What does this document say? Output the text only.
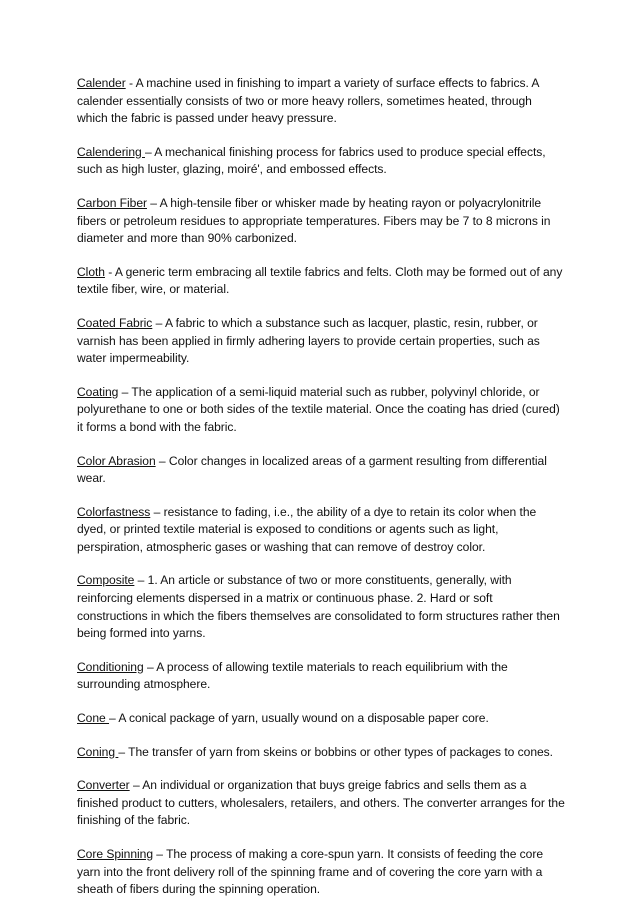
Calender - A machine used in finishing to impart a variety of surface effects to fabrics. A calender essentially consists of two or more heavy rollers, sometimes heated, through which the fabric is passed under heavy pressure.

Calendering – A mechanical finishing process for fabrics used to produce special effects, such as high luster, glazing, moiré', and embossed effects.

Carbon Fiber – A high-tensile fiber or whisker made by heating rayon or polyacrylonitrile fibers or petroleum residues to appropriate temperatures. Fibers may be 7 to 8 microns in diameter and more than 90% carbonized.

Cloth - A generic term embracing all textile fabrics and felts. Cloth may be formed out of any textile fiber, wire, or material.

Coated Fabric – A fabric to which a substance such as lacquer, plastic, resin, rubber, or varnish has been applied in firmly adhering layers to provide certain properties, such as water impermeability.

Coating – The application of a semi-liquid material such as rubber, polyvinyl chloride, or polyurethane to one or both sides of the textile material. Once the coating has dried (cured) it forms a bond with the fabric.

Color Abrasion – Color changes in localized areas of a garment resulting from differential wear.

Colorfastness – resistance to fading, i.e., the ability of a dye to retain its color when the dyed, or printed textile material is exposed to conditions or agents such as light, perspiration, atmospheric gases or washing that can remove of destroy color.

Composite – 1. An article or substance of two or more constituents, generally, with reinforcing elements dispersed in a matrix or continuous phase. 2. Hard or soft constructions in which the fibers themselves are consolidated to form structures rather then being formed into yarns.

Conditioning – A process of allowing textile materials to reach equilibrium with the surrounding atmosphere.

Cone – A conical package of yarn, usually wound on a disposable paper core.

Coning – The transfer of yarn from skeins or bobbins or other types of packages to cones.

Converter – An individual or organization that buys greige fabrics and sells them as a finished product to cutters, wholesalers, retailers, and others. The converter arranges for the finishing of the fabric.

Core Spinning – The process of making a core-spun yarn. It consists of feeding the core yarn into the front delivery roll of the spinning frame and of covering the core yarn with a sheath of fibers during the spinning operation.
